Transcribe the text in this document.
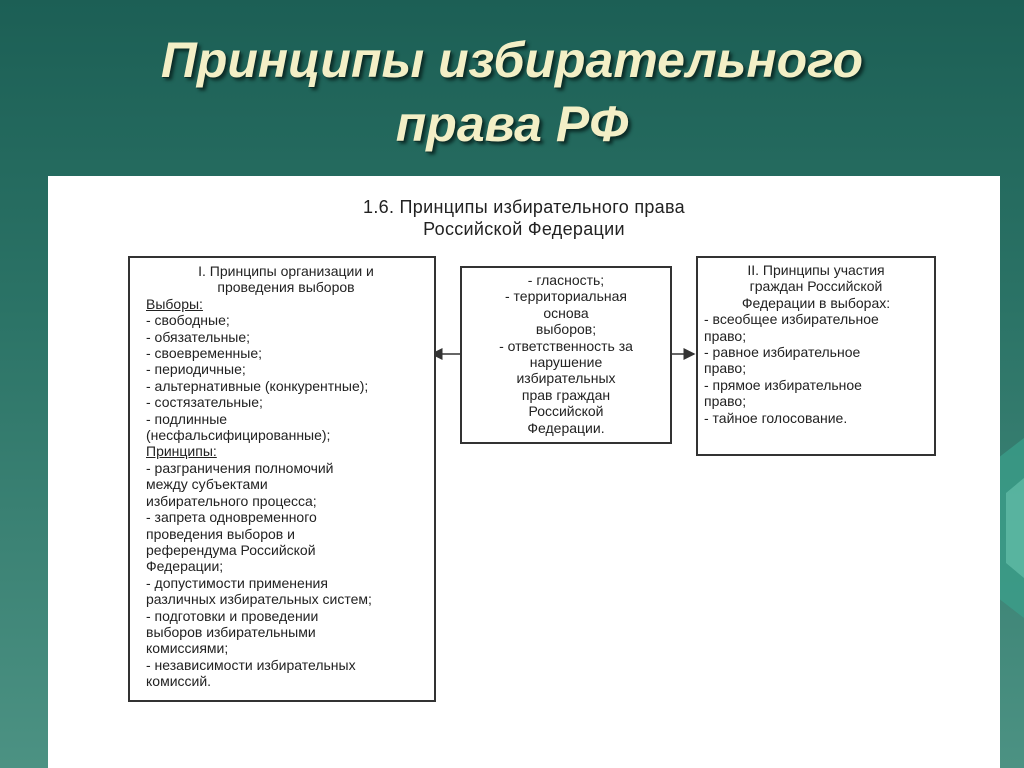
Принципы избирательного
права РФ
1.6. Принципы избирательного права
Российской Федерации
I. Принципы организации и
проведения выборов
Выборы:
- свободные;
- обязательные;
- своевременные;
- периодичные;
- альтернативные (конкурентные);
- состязательные;
- подлинные
(несфальсифицированные);
Принципы:
- разграничения полномочий
между субъектами
избирательного процесса;
- запрета одновременного
проведения выборов и
референдума Российской
Федерации;
- допустимости применения
различных избирательных систем;
- подготовки и проведении
выборов избирательными
комиссиями;
- независимости избирательных
комиссий.
- гласность;
- территориальная
основа
выборов;
- ответственность за
нарушение
избирательных
прав граждан
Российской
Федерации.
II. Принципы участия
граждан Российской
Федерации в выборах:
- всеобщее избирательное
право;
- равное избирательное
право;
- прямое избирательное
право;
- тайное голосование.
